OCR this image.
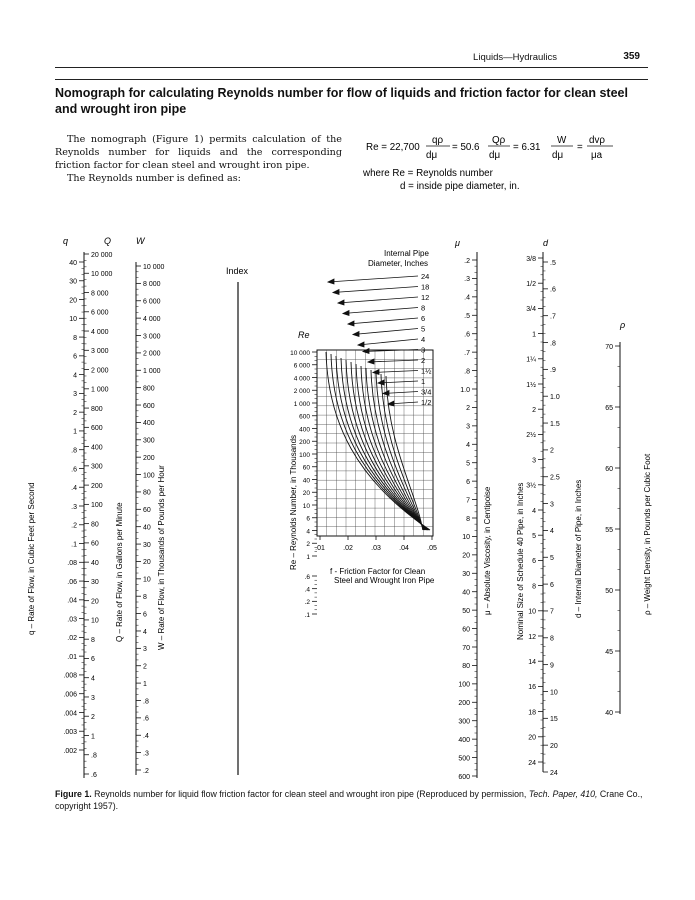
Liquids—Hydraulics	359
Nomograph for calculating Reynolds number for flow of liquids and friction factor for clean steel and wrought iron pipe

The nomograph (Figure 1) permits calculation of the Reynolds number for liquids and the corresponding friction factor for clean steel and wrought iron pipe.

The Reynolds number is defined as:

Re = 22,700
qρ
dμ
= 50.6
Qρ
dμ
= 6.31
W
dμ
=
dvρ
μa
where Re = Reynolds number
d = inside pipe diameter, in.
q	Q	W	μ	d
ρ
Index
Internal Pipe
Diameter, Inches
Re
f - Friction Factor for Clean
Steel and Wrought Iron Pipe
q – Rate of Flow, in Cubic Feet per Second	Q – Rate of Flow, in Gallons per Minute	W – Rate of Flow, in Thousands of Pounds per Hour	Re – Reynolds Number, in Thousands	μ – Absolute Viscosity, in Centipoise	Nominal Size of Schedule 40 Pipe, in Inches	d – Internal Diameter of Pipe, in Inches	ρ – Weight Density, in Pounds per Cubic Foot
40
30
20
10
8
6
4
3
2
1
.8
.6
.4
.3
.2
.1
.08
.06
.04
.03
.02
.01
.008
.006
.004
.003
.002
20 000
10 000
8 000
6 000
4 000
3 000
2 000
1 000
800
600
400
300
200
100
80
60
40
30
20
10
8
6
4
3
2
1
.8
.6
10 000
8 000
6 000
4 000
3 000
2 000
1 000
800
600
400
300
200
100
80
60
40
30
20
10
8
6
4
3
2
1
.8
.6
.4
.3
.2
.2
.3
.4
.5
.6
.7
.8
1.0
2
3
4
5
6
7
8
10
20
30
40
50
60
70
80
100
200
300
400
500
600
3/8
1/2
3/4
1
1¼
1½
2
2½
3
3½
4
5
6
8
10
12
14
16
18
20
24
.5
.6
.7
.8
.9
1.0
1.5
2
2.5
3
4
5
6
7
8
9
10
15
20
24
70
65
60
55
50
45
40
10 000
6 000
4 000
2 000
1 000
600
400
200
100
60
40
20
10
6
4
2
1
.6
.4
.2
.1
.01	.02	.03	.04	.05
24
18
12
8
6
5
4
3
2
1½
1
3/4
1/2
Figure 1. Reynolds number for liquid flow friction factor for clean steel and wrought iron pipe (Reproduced by permission, Tech. Paper, 410, Crane Co., copyright 1957).
